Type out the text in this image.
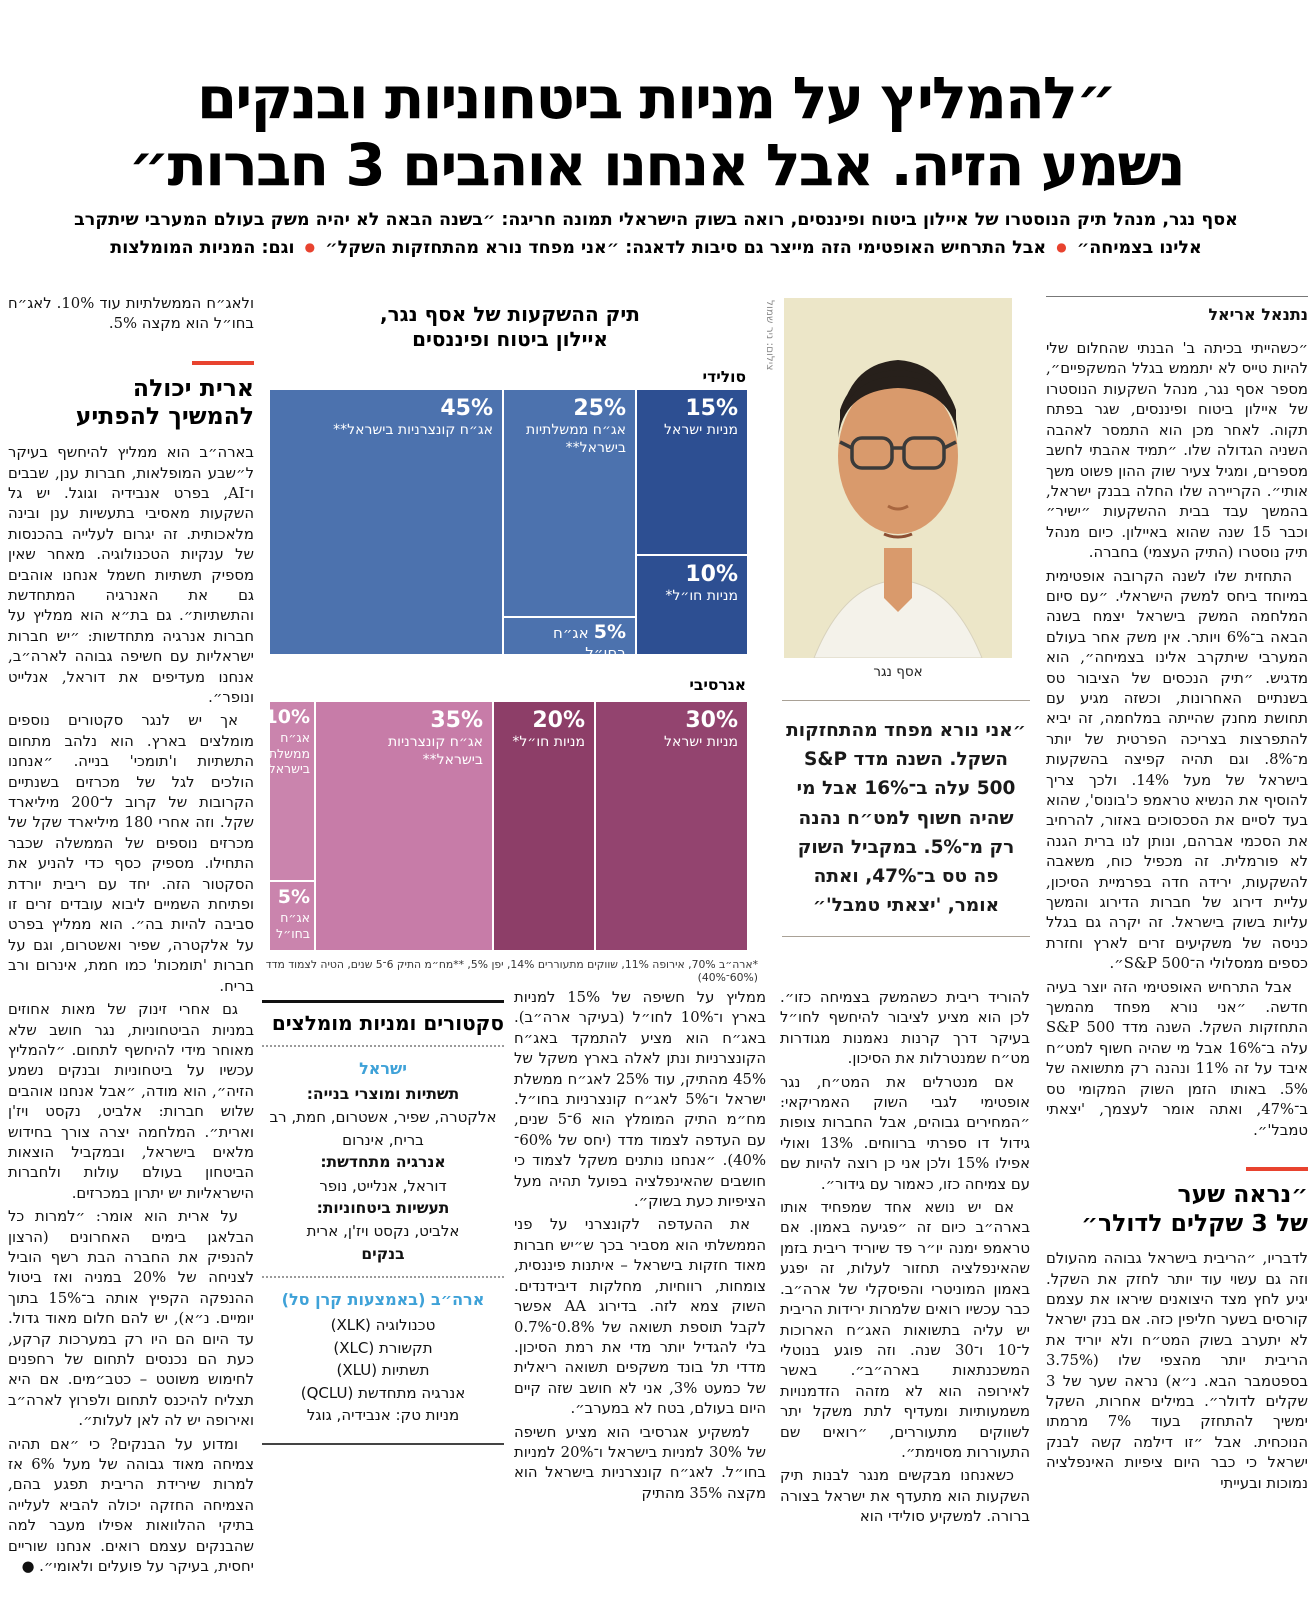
״להמליץ על מניות ביטחוניות ובנקים
נשמע הזיה. אבל אנחנו אוהבים 3 חברות״
אסף נגר, מנהל תיק הנוסטרו של איילון ביטוח ופיננסים, רואה בשוק הישראלי תמונה חריגה: ״בשנה הבאה לא יהיה משק בעולם המערבי שיתקרב
אלינו בצמיחה״ ● אבל התרחיש האופטימי הזה מייצר גם סיבות לדאגה: ״אני מפחד נורא מהתחזקות השקל״ ● וגם: המניות המומלצות
נתנאל אריאל

״כשהייתי בכיתה ב' הבנתי שהחלום שלי להיות טייס לא יתממש בגלל המשקפיים״, מספר אסף נגר, מנהל השקעות הנוסטרו של איילון ביטוח ופיננסים, שגר בפתח תקוה. לאחר מכן הוא התמסר לאהבה השניה הגדולה שלו. ״תמיד אהבתי לחשב מספרים, ומגיל צעיר שוק ההון פשוט משך אותי״. הקריירה שלו החלה בבנק ישראל, בהמשך עבד בבית ההשקעות ״ישיר״ וכבר 15 שנה שהוא באיילון. כיום מנהל תיק נוסטרו (התיק העצמי) בחברה.

התחזית שלו לשנה הקרובה אופטימית במיוחד ביחס למשק הישראלי. ״עם סיום המלחמה המשק בישראל יצמח בשנה הבאה ב־6% ויותר. אין משק אחר בעולם המערבי שיתקרב אלינו בצמיחה״, הוא מדגיש. ״תיק הנכסים של הציבור טס בשנתיים האחרונות, וכשזה מגיע עם תחושת מחנק שהייתה במלחמה, זה יביא להתפרצות בצריכה הפרטית של יותר מ־8%. וגם תהיה קפיצה בהשקעות בישראל של מעל 14%. ולכך צריך להוסיף את הנשיא טראמפ כ'בונוס', שהוא בעד לסיים את הסכסוכים באזור, להרחיב את הסכמי אברהם, ונותן לנו ברית הגנה לא פורמלית. זה מכפיל כוח, משאבה להשקעות, ירידה חדה בפרמיית הסיכון, עליית דירוג של חברות הדירוג והמשך עליות בשוק בישראל. זה יקרה גם בגלל כניסה של משקיעים זרים לארץ וחזרת כספים ממסלולי ה־S&P 500״.

אבל התרחיש האופטימי הזה יוצר בעיה חדשה. ״אני נורא מפחד מהמשך התחזקות השקל. השנה מדד S&P 500 עלה ב־16% אבל מי שהיה חשוף למט״ח איבד על זה 11% ונהנה רק מתשואה של 5%. באותו הזמן השוק המקומי טס ב־47%, ואתה אומר לעצמך, 'יצאתי טמבל'״.

״נראה שער
של 3 שקלים לדולר״

לדבריו, ״הריבית בישראל גבוהה מהעולם וזה גם עשוי עוד יותר לחזק את השקל. יגיע לחץ מצד היצואנים שיראו את עצמם קורסים בשער חליפין כזה. אם בנק ישראל לא יתערב בשוק המט״ח ולא יוריד את הריבית יותר מהצפי שלו (3.75% בספטמבר הבא. נ״א) נראה שער של 3 שקלים לדולר״. במילים אחרות, השקל ימשיך להתחזק בעוד 7% מרמתו הנוכחית. אבל ״זו דילמה קשה לבנק ישראל כי כבר היום ציפיות האינפלציה נמוכות ובעייתי

אסף נגר
צילום: ניר שמול

״אני נורא מפחד מהתחזקות השקל. השנה מדד S&P 500 עלה ב־16% אבל מי שהיה חשוף למט״ח נהנה רק מ־5%. במקביל השוק פה טס ב־47%, ואתה אומר, 'יצאתי טמבל'״

תיק ההשקעות של אסף נגר,
איילון ביטוח ופיננסים
סולידי
15%
מניות ישראל
10%
מניות חו״ל*
25%
אג״ח ממשלתיות בישראל**
5% אג״ח בחו״ל
45%
אג״ח קונצרניות בישראל**
אגרסיבי
30%
מניות ישראל
20%
מניות חו״ל*
35%
אג״ח קונצרניות בישראל**
10%
אג״ח ממשלתיות בישראל**
5%
אג״ח בחו״ל
*ארה״ב 70%, אירופה 11%, שווקים מתעוררים 14%, יפן 5%, **מח״מ התיק 6־5 שנים, הטיה לצמוד מדד (60%־40%)

להוריד ריבית כשהמשק בצמיחה כזו״. לכן הוא מציע לציבור להיחשף לחו״ל בעיקר דרך קרנות נאמנות מגודרות מט״ח שמנטרלות את הסיכון.

אם מנטרלים את המט״ח, נגר אופטימי לגבי השוק האמריקאי: ״המחירים גבוהים, אבל החברות צופות גידול דו ספרתי ברווחים. 13% ואולי אפילו 15% ולכן אני כן רוצה להיות שם עם צמיחה כזו, כאמור עם גידור״.

אם יש נושא אחד שמפחיד אותו בארה״ב כיום זה ״פגיעה באמון. אם טראמפ ימנה יו״ר פד שיוריד ריבית בזמן שהאינפלציה תחזור לעלות, זה יפגע באמון המוניטרי והפיסקלי של ארה״ב. כבר עכשיו רואים שלמרות ירידות הריבית יש עליה בתשואות האג״ח הארוכות ל־10 ו־30 שנה. וזה פוגע בנוטלי המשכנתאות בארה״ב״. באשר לאירופה הוא לא מזהה הזדמנויות משמעותיות ומעדיף לתת משקל יתר לשווקים מתעוררים, ״רואים שם התעוררות מסוימת״.

כשאנחנו מבקשים מנגר לבנות תיק השקעות הוא מתעדף את ישראל בצורה ברורה. למשקיע סולידי הוא

ממליץ על חשיפה של 15% למניות בארץ ו־10% לחו״ל (בעיקר ארה״ב). באג״ח הוא מציע להתמקד באג״ח הקונצרניות ונתן לאלה בארץ משקל של 45% מהתיק, עוד 25% לאג״ח ממשלת ישראל ו־5% לאג״ח קונצרניות בחו״ל. מח״מ התיק המומלץ הוא 6־5 שנים, עם העדפה לצמוד מדד (יחס של 60%־40%). ״אנחנו נותנים משקל לצמוד כי חושבים שהאינפלציה בפועל תהיה מעל הציפיות כעת בשוק״.

את ההעדפה לקונצרני על פני הממשלתי הוא מסביר בכך ש״יש חברות מאוד חזקות בישראל – איתנות פיננסית, צומחות, רווחיות, מחלקות דיבידנדים. השוק צמא לזה. בדירוג AA אפשר לקבל תוספת תשואה של 0.8%־0.7% בלי להגדיל יותר מדי את רמת הסיכון. מדדי תל בונד משקפים תשואה ריאלית של כמעט 3%, אני לא חושב שזה קיים היום בעולם, בטח לא במערב״.

למשקיע אגרסיבי הוא מציע חשיפה של 30% למניות בישראל ו־20% למניות בחו״ל. לאג״ח קונצרניות בישראל הוא מקצה 35% מהתיק

סקטורים ומניות מומלצים
ישראל
תשתיות ומוצרי בנייה:
אלקטרה, שפיר, אשטרום, חמת, רב בריח, אינרום
אנרגיה מתחדשת:
דוראל, אנלייט, נופר
תעשיות ביטחוניות:
אלביט, נקסט ויז'ן, ארית
בנקים
ארה״ב (באמצעות קרן סל)
טכנולוגיה (XLK)
תקשורת (XLC)
תשתיות (XLU)
אנרגיה מתחדשת (QCLU)
מניות טק: אנבידיה, גוגל

ולאג״ח הממשלתיות עוד 10%. לאג״ח בחו״ל הוא מקצה 5%.

ארית יכולה
להמשיך להפתיע

בארה״ב הוא ממליץ להיחשף בעיקר ל״שבע המופלאות, חברות ענן, שבבים ו־AI, בפרט אנבידיה וגוגל. יש גל השקעות מאסיבי בתעשיות ענן ובינה מלאכותית. זה יגרום לעלייה בהכנסות של ענקיות הטכנולוגיה. מאחר שאין מספיק תשתיות חשמל אנחנו אוהבים גם את האנרגיה המתחדשת והתשתיות״. גם בת״א הוא ממליץ על חברות אנרגיה מתחדשות: ״יש חברות ישראליות עם חשיפה גבוהה לארה״ב, אנחנו מעדיפים את דוראל, אנלייט ונופר״.

אך יש לנגר סקטורים נוספים מומלצים בארץ. הוא נלהב מתחום התשתיות ו'תומכי' בנייה. ״אנחנו הולכים לגל של מכרזים בשנתיים הקרובות של קרוב ל־200 מיליארד שקל. וזה אחרי 180 מיליארד שקל של מכרזים נוספים של הממשלה שכבר התחילו. מספיק כסף כדי להניע את הסקטור הזה. יחד עם ריבית יורדת ופתיחת השמיים ליבוא עובדים זרים זו סביבה להיות בה״. הוא ממליץ בפרט על אלקטרה, שפיר ואשטרום, וגם על חברות 'תומכות' כמו חמת, אינרום ורב בריח.

גם אחרי זינוק של מאות אחוזים במניות הביטחוניות, נגר חושב שלא מאוחר מידי להיחשף לתחום. ״להמליץ עכשיו על ביטחוניות ובנקים נשמע הזיה״, הוא מודה, ״אבל אנחנו אוהבים שלוש חברות: אלביט, נקסט ויז'ן וארית״. המלחמה יצרה צורך בחידוש מלאים בישראל, ובמקביל הוצאות הביטחון בעולם עולות ולחברות הישראליות יש יתרון במכרזים.

על ארית הוא אומר: ״למרות כל הבלאגן בימים האחרונים (הרצון להנפיק את החברה הבת רשף הוביל לצניחה של 20% במניה ואז ביטול ההנפקה הקפיץ אותה ב־15% בתוך יומיים. נ״א), יש להם חלום מאוד גדול. עד היום הם היו רק במערכות קרקע, כעת הם נכנסים לתחום של רחפנים לחימוש משוטט – כטב״מים. אם היא תצליח להיכנס לתחום ולפרוץ לארה״ב ואירופה יש לה לאן לעלות״.

ומדוע על הבנקים? כי ״אם תהיה צמיחה מאוד גבוהה של מעל 6% אז למרות שירידת הריבית תפגע בהם, הצמיחה החזקה יכולה להביא לעלייה בתיקי ההלוואות אפילו מעבר למה שהבנקים עצמם רואים. אנחנו שוריים יחסית, בעיקר על פועלים ולאומי״. ●
